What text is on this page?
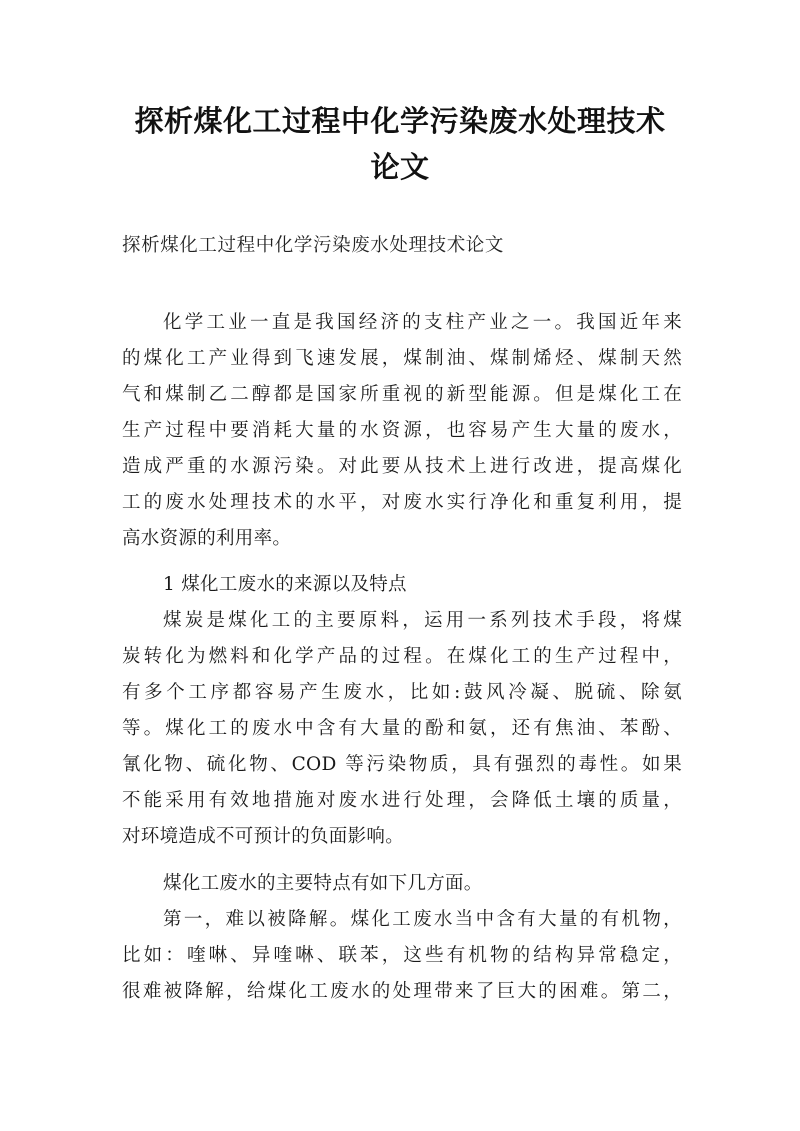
探析煤化工过程中化学污染废水处理技术
论文
探析煤化工过程中化学污染废水处理技术论文
化学工业一直是我国经济的支柱产业之一。我国近年来
的煤化工产业得到飞速发展，煤制油、煤制烯烃、煤制天然
气和煤制乙二醇都是国家所重视的新型能源。但是煤化工在
生产过程中要消耗大量的水资源，也容易产生大量的废水，
造成严重的水源污染。对此要从技术上进行改进，提高煤化
工的废水处理技术的水平，对废水实行净化和重复利用，提
高水资源的利用率。
1 煤化工废水的来源以及特点
煤炭是煤化工的主要原料，运用一系列技术手段，将煤
炭转化为燃料和化学产品的过程。在煤化工的生产过程中，
有多个工序都容易产生废水，比如:鼓风冷凝、脱硫、除氨
等。煤化工的废水中含有大量的酚和氨，还有焦油、苯酚、
氰化物、硫化物、COD 等污染物质，具有强烈的毒性。如果
不能采用有效地措施对废水进行处理，会降低土壤的质量，
对环境造成不可预计的负面影响。
煤化工废水的主要特点有如下几方面。
第一，难以被降解。煤化工废水当中含有大量的有机物，
比如：喹啉、异喹啉、联苯，这些有机物的结构异常稳定，
很难被降解，给煤化工废水的处理带来了巨大的困难。第二，
